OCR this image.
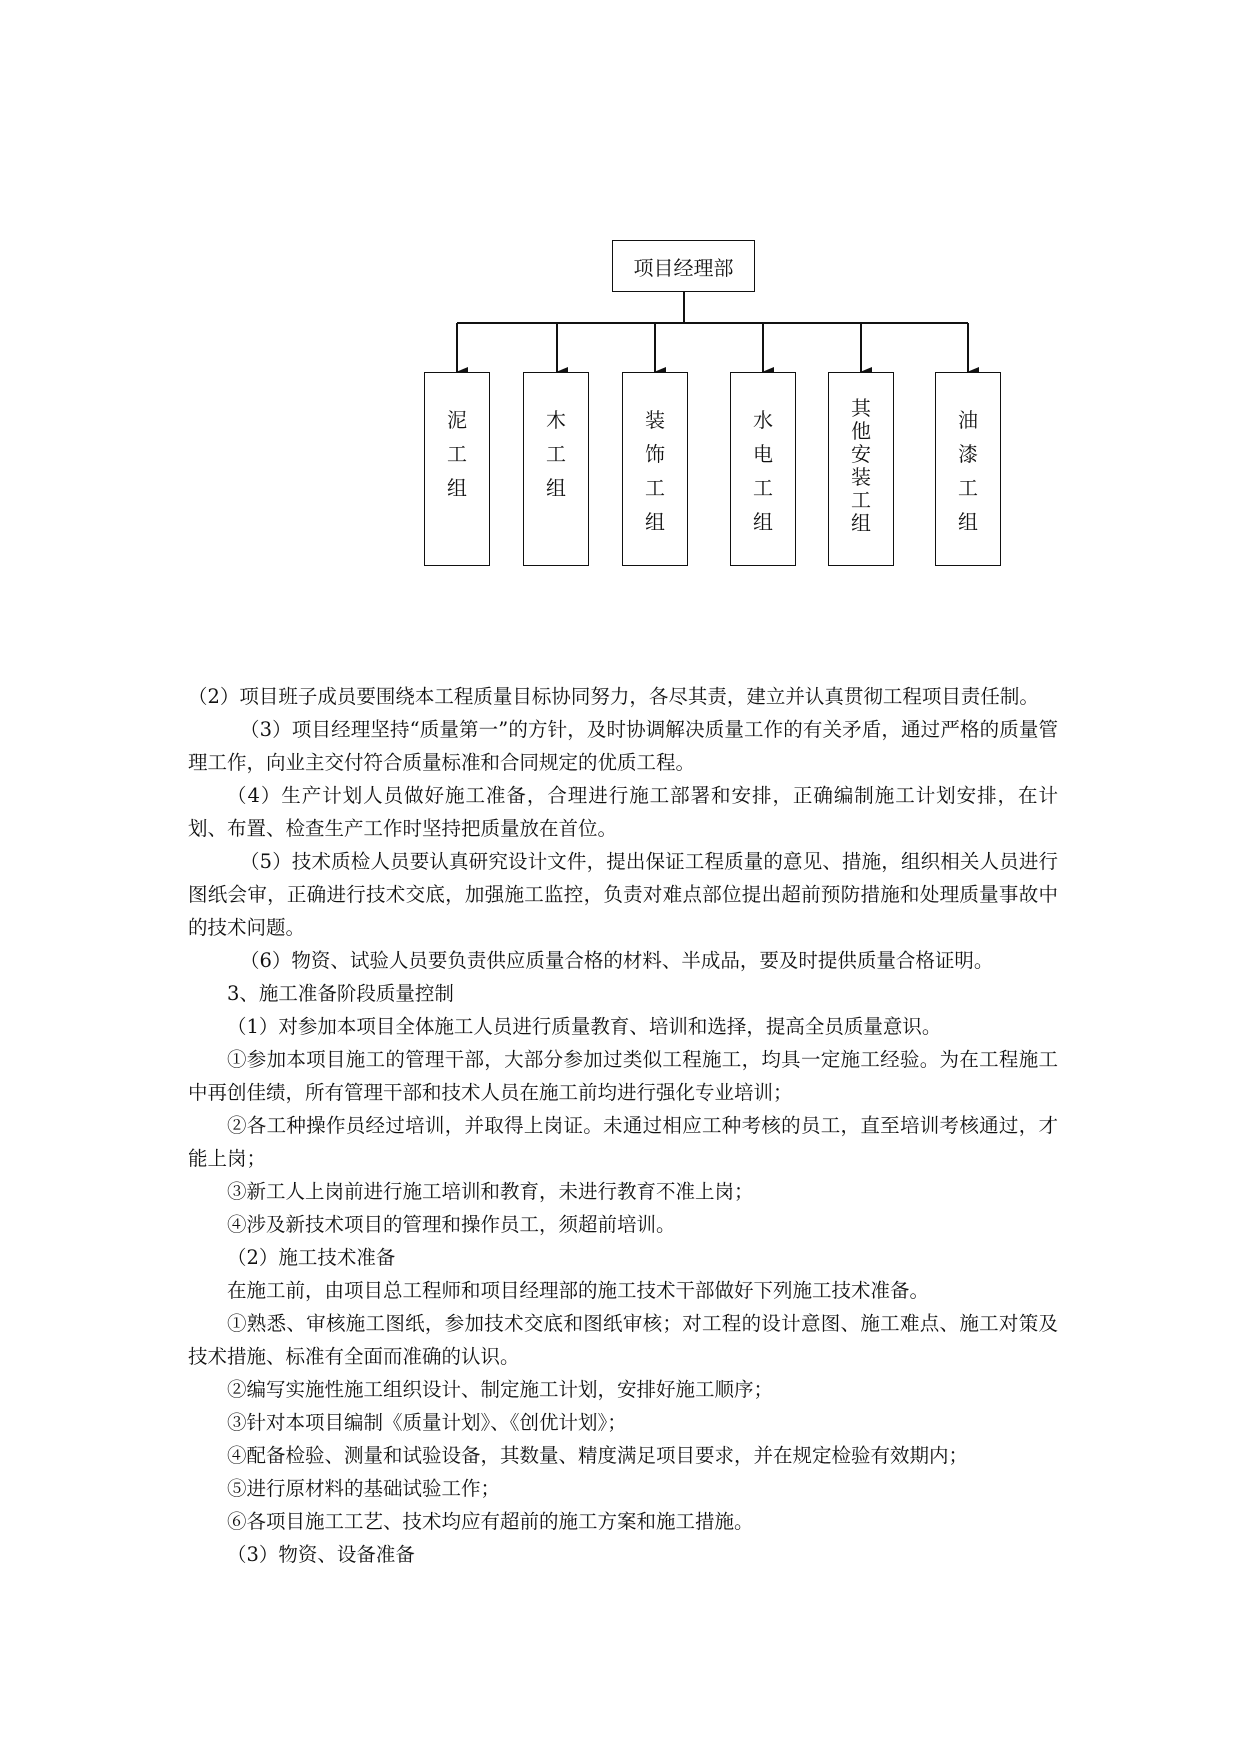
项目经理部
泥
工
组
木
工
组
装
饰
工
组
水
电
工
组
其
他
安
装
工
组
油
漆
工
组

（2）项目班子成员要围绕本工程质量目标协同努力，各尽其责，建立并认真贯彻工程项目责任制。

（3）项目经理坚持“质量第一”的方针，及时协调解决质量工作的有关矛盾，通过严格的质量管理工作，向业主交付符合质量标准和合同规定的优质工程。

（4）生产计划人员做好施工准备，合理进行施工部署和安排，正确编制施工计划安排，在计划、布置、检查生产工作时坚持把质量放在首位。

（5）技术质检人员要认真研究设计文件，提出保证工程质量的意见、措施，组织相关人员进行图纸会审，正确进行技术交底，加强施工监控，负责对难点部位提出超前预防措施和处理质量事故中的技术问题。

（6）物资、试验人员要负责供应质量合格的材料、半成品，要及时提供质量合格证明。

3、施工准备阶段质量控制

（1）对参加本项目全体施工人员进行质量教育、培训和选择，提高全员质量意识。

①参加本项目施工的管理干部，大部分参加过类似工程施工，均具一定施工经验。为在工程施工中再创佳绩，所有管理干部和技术人员在施工前均进行强化专业培训；

②各工种操作员经过培训，并取得上岗证。未通过相应工种考核的员工，直至培训考核通过，才能上岗；

③新工人上岗前进行施工培训和教育，未进行教育不准上岗；

④涉及新技术项目的管理和操作员工，须超前培训。

（2）施工技术准备

在施工前，由项目总工程师和项目经理部的施工技术干部做好下列施工技术准备。

①熟悉、审核施工图纸，参加技术交底和图纸审核；对工程的设计意图、施工难点、施工对策及技术措施、标准有全面而准确的认识。

②编写实施性施工组织设计、制定施工计划，安排好施工顺序；

③针对本项目编制《质量计划》、《创优计划》；

④配备检验、测量和试验设备，其数量、精度满足项目要求，并在规定检验有效期内；

⑤进行原材料的基础试验工作；

⑥各项目施工工艺、技术均应有超前的施工方案和施工措施。

（3）物资、设备准备
